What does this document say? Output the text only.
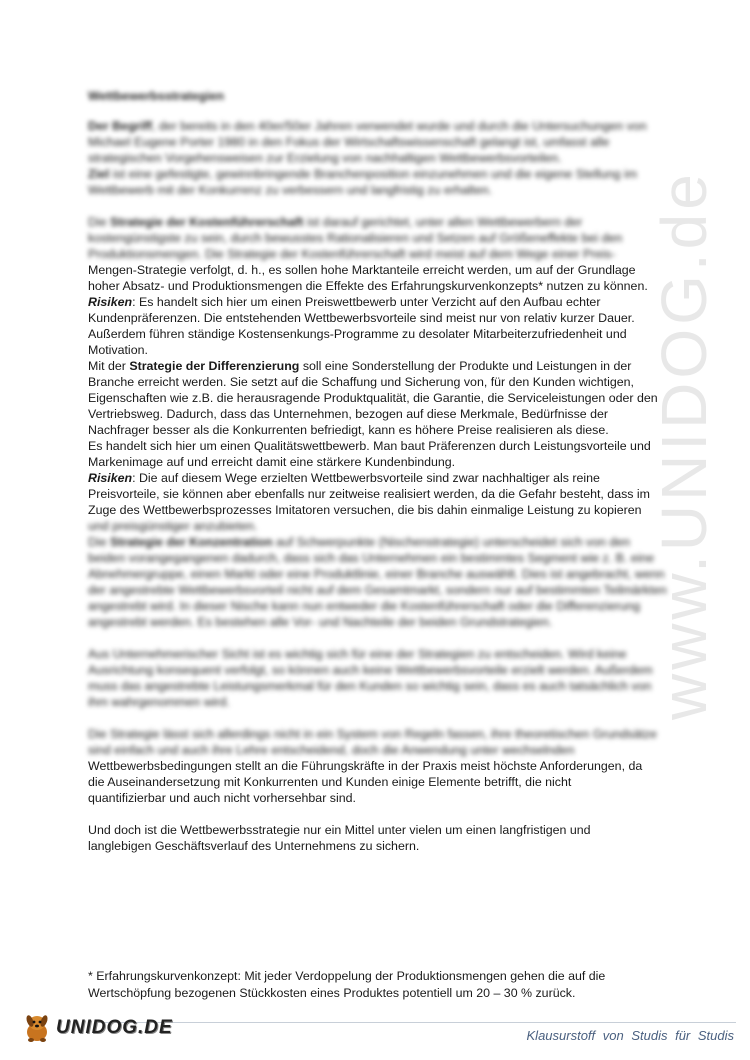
www.UNIDOG.de

Wettbewerbsstrategien

Der Begriff, der bereits in den 40er/50er Jahren verwendet wurde und durch die Untersuchungen von Michael Eugene Porter 1980 in den Fokus der Wirtschaftswissenschaft gelangt ist, umfasst alle strategischen Vorgehensweisen zur Erzielung von nachhaltigen Wettbewerbsvorteilen.

Ziel ist eine gefestigte, gewinnbringende Branchenposition einzunehmen und die eigene Stellung im Wettbewerb mit der Konkurrenz zu verbessern und langfristig zu erhalten.

Die Strategie der Kostenführerschaft ist darauf gerichtet, unter allen Wettbewerbern der kostengünstigste zu sein, durch bewusstes Rationalisieren und Setzen auf Größeneffekte bei den Produktionsmengen. Die Strategie der Kostenführerschaft wird meist auf dem Wege einer Preis-

Mengen-Strategie verfolgt, d. h., es sollen hohe Marktanteile erreicht werden, um auf der Grundlage

hoher Absatz- und Produktionsmengen die Effekte des Erfahrungskurvenkonzepts* nutzen zu können.

Risiken: Es handelt sich hier um einen Preiswettbewerb unter Verzicht auf den Aufbau echter Kundenpräferenzen. Die entstehenden Wettbewerbsvorteile sind meist nur von relativ kurzer Dauer. Außerdem führen ständige Kostensenkungs-Programme zu desolater Mitarbeiterzufriedenheit und Motivation.

Mit der Strategie der Differenzierung soll eine Sonderstellung der Produkte und Leistungen in der Branche erreicht werden. Sie setzt auf die Schaffung und Sicherung von, für den Kunden wichtigen, Eigenschaften wie z.B. die herausragende Produktqualität, die Garantie, die Serviceleistungen oder den Vertriebsweg. Dadurch, dass das Unternehmen, bezogen auf diese Merkmale, Bedürfnisse der Nachfrager besser als die Konkurrenten befriedigt, kann es höhere Preise realisieren als diese.

Es handelt sich hier um einen Qualitätswettbewerb. Man baut Präferenzen durch Leistungsvorteile und Markenimage auf und erreicht damit eine stärkere Kundenbindung.

Risiken: Die auf diesem Wege erzielten Wettbewerbsvorteile sind zwar nachhaltiger als reine Preisvorteile, sie können aber ebenfalls nur zeitweise realisiert werden, da die Gefahr besteht, dass im Zuge des Wettbewerbsprozesses Imitatoren versuchen, die bis dahin einmalige Leistung zu kopieren

und preisgünstiger anzubieten.

Die Strategie der Konzentration auf Schwerpunkte (Nischenstrategie) unterscheidet sich von den beiden vorangegangenen dadurch, dass sich das Unternehmen ein bestimmtes Segment wie z. B. eine Abnehmergruppe, einen Markt oder eine Produktlinie, einer Branche auswählt. Dies ist angebracht, wenn der angestrebte Wettbewerbsvorteil nicht auf dem Gesamtmarkt, sondern nur auf bestimmten Teilmärkten angestrebt wird. In dieser Nische kann nun entweder die Kostenführerschaft oder die Differenzierung angestrebt werden. Es bestehen alle Vor- und Nachteile der beiden Grundstrategien.

Aus Unternehmerischer Sicht ist es wichtig sich für eine der Strategien zu entscheiden. Wird keine Ausrichtung konsequent verfolgt, so können auch keine Wettbewerbsvorteile erzielt werden. Außerdem muss das angestrebte Leistungsmerkmal für den Kunden so wichtig sein, dass es auch tatsächlich von ihm wahrgenommen wird.

Die Strategie lässt sich allerdings nicht in ein System von Regeln fassen, ihre theoretischen Grundsätze sind einfach und auch ihre Lehre entscheidend, doch die Anwendung unter wechselnden

Wettbewerbsbedingungen stellt an die Führungskräfte in der Praxis meist höchste Anforderungen, da

die Auseinandersetzung mit Konkurrenten und Kunden einige Elemente betrifft, die nicht

quantifizierbar und auch nicht vorhersehbar sind.

Und doch ist die Wettbewerbsstrategie nur ein Mittel unter vielen um einen langfristigen und

langlebigen Geschäftsverlauf des Unternehmens zu sichern.

* Erfahrungskurvenkonzept: Mit jeder Verdoppelung der Produktionsmengen gehen die auf die

Wertschöpfung bezogenen Stückkosten eines Produktes potentiell um 20 – 30 % zurück.

UNIDOG.DE	Klausurstoff von Studis für Studis
